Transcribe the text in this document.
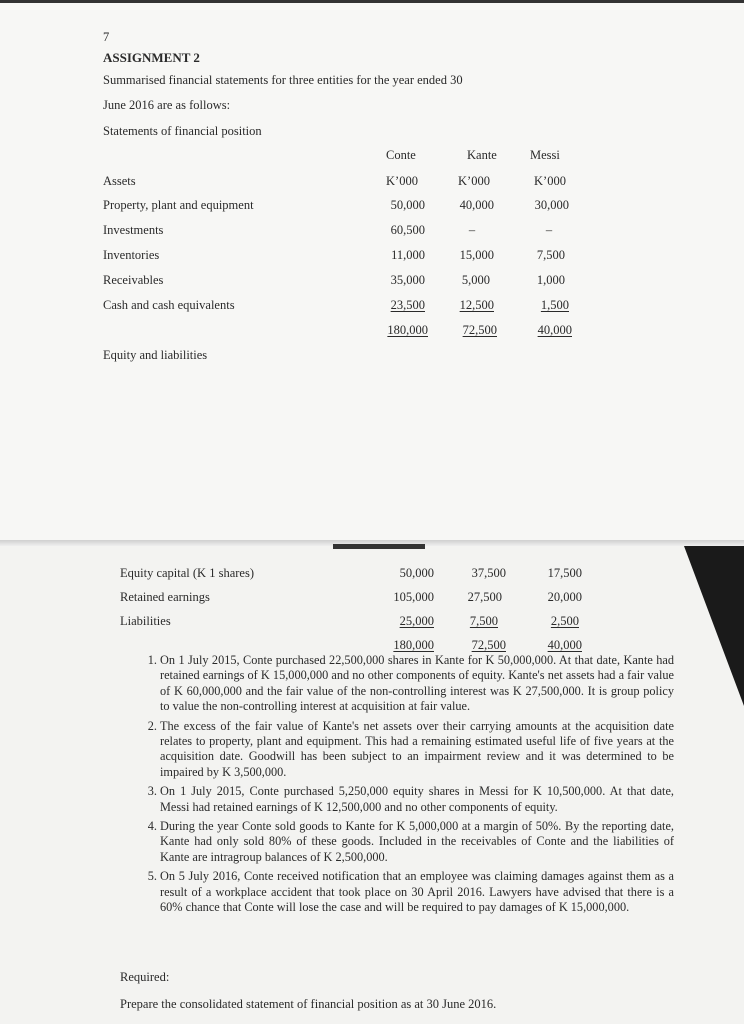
7
ASSIGNMENT 2
Summarised financial statements for three entities for the year ended 30
June 2016 are as follows:
Statements of financial position
Conte	Kante	Messi
Assets	K’000	K’000	K’000
Property, plant and equipment	50,000	40,000	30,000
Investments	60,500	–	–
Inventories	11,000	15,000	7,500
Receivables	35,000	5,000	1,000
Cash and cash equivalents	23,500	12,500	1,500
180,000	72,500	40,000
Equity and liabilities
Equity capital (K 1 shares)	50,000	37,500	17,500
Retained earnings	105,000	27,500	20,000
Liabilities	25,000	7,500	2,500
180,000	72,500	40,000
1. On 1 July 2015, Conte purchased 22,500,000 shares in Kante for K 50,000,000. At that date, Kante had retained earnings of K 15,000,000 and no other components of equity. Kante's net assets had a fair value of K 60,000,000 and the fair value of the non-controlling interest was K 27,500,000. It is group policy to value the non-controlling interest at acquisition at fair value.
2. The excess of the fair value of Kante's net assets over their carrying amounts at the acquisition date relates to property, plant and equipment. This had a remaining estimated useful life of five years at the acquisition date. Goodwill has been subject to an impairment review and it was determined to be impaired by K 3,500,000.
3. On 1 July 2015, Conte purchased 5,250,000 equity shares in Messi for K 10,500,000. At that date, Messi had retained earnings of K 12,500,000 and no other components of equity.
4. During the year Conte sold goods to Kante for K 5,000,000 at a margin of 50%. By the reporting date, Kante had only sold 80% of these goods. Included in the receivables of Conte and the liabilities of Kante are intragroup balances of K 2,500,000.
5. On 5 July 2016, Conte received notification that an employee was claiming damages against them as a result of a workplace accident that took place on 30 April 2016. Lawyers have advised that there is a 60% chance that Conte will lose the case and will be required to pay damages of K 15,000,000.
Required:
Prepare the consolidated statement of financial position as at 30 June 2016.
